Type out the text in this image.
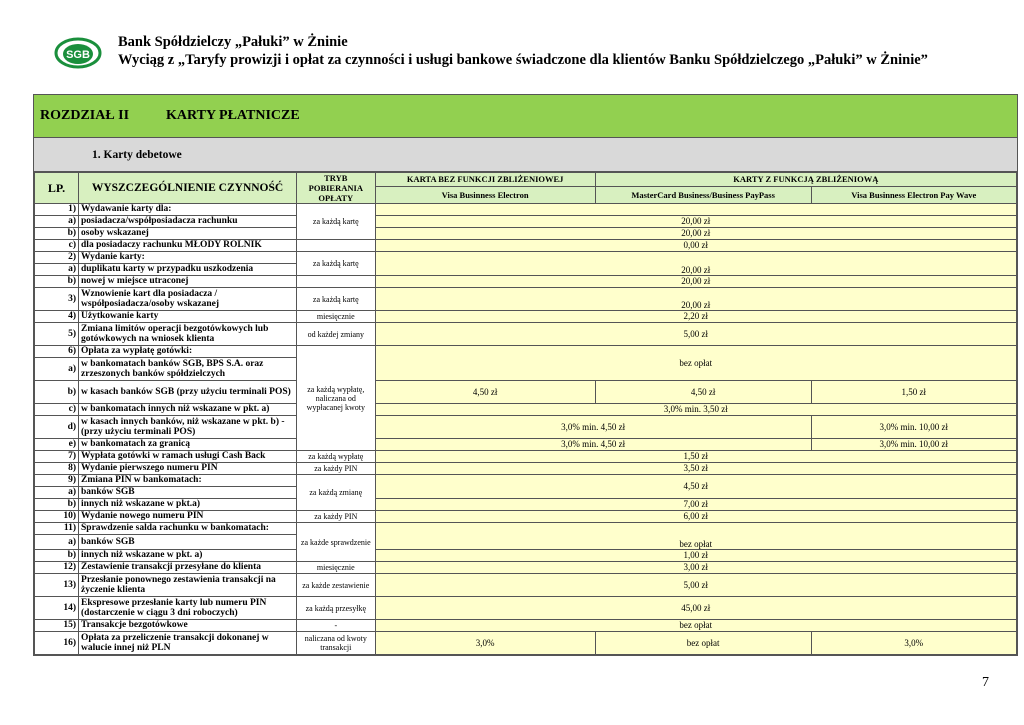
SGB
Bank Spółdzielczy „Pałuki” w Żninie
Wyciąg z „Taryfy prowizji i opłat za czynności i usługi bankowe świadczone dla klientów Banku Spółdzielczego „Pałuki” w Żninie”
ROZDZIAŁ II	KARTY PŁATNICZE
1. Karty debetowe
LP.	WYSZCZEGÓLNIENIE CZYNNOŚĆ	TRYB POBIERANIA OPŁATY	KARTA BEZ FUNKCJI ZBLIŻENIOWEJ	KARTY Z FUNKCJĄ ZBLIŻENIOWĄ	
			Visa Businness Electron	MasterCard Business/Business PayPass	Visa Businness Electron Pay Wave
1)	Wydawanie karty dla:	za każdą kartę			
a)	posiadacza/współposiadacza rachunku		20,00 zł		
b)	osoby wskazanej		20,00 zł		
c)	dla posiadaczy rachunku MŁODY ROLNIK		0,00 zł		
2)	Wydanie karty:	za każdą kartę	20,00 zł		
a)	duplikatu karty w przypadku uszkodzenia				
b)	nowej w miejsce utraconej		20,00 zł		
3)	Wznowienie kart dla posiadacza / współposiadacza/osoby wskazanej	za każdą kartę	20,00 zł		
4)	Użytkowanie karty	miesięcznie	2,20 zł		
5)	Zmiana limitów operacji bezgotówkowych lub gotówkowych na wniosek klienta	od każdej zmiany	5,00 zł		
6)	Opłata za wypłatę gotówki:	za każdą wypłatę, naliczana od wypłacanej kwoty	bez opłat		
a)	w bankomatach banków SGB, BPS S.A. oraz zrzeszonych banków spółdzielczych				
b)	w kasach banków SGB (przy użyciu terminali POS)		4,50 zł	4,50 zł	1,50 zł
c)	w bankomatach innych niż wskazane w pkt. a)		3,0% min. 3,50 zł		
d)	w kasach innych banków, niż wskazane w pkt. b) - (przy użyciu terminali POS)		3,0% min. 4,50 zł		3,0% min. 10,00 zł
e)	w bankomatach za granicą		3,0% min. 4,50 zł		3,0% min. 10,00 zł
7)	Wypłata gotówki w ramach usługi Cash Back	za każdą wypłatę	1,50 zł		
8)	Wydanie pierwszego numeru PIN	za każdy PIN	3,50 zł		
9)	Zmiana PIN w bankomatach:	za każdą zmianę	4,50 zł		
a)	banków SGB				
b)	innych niż wskazane w pkt.a)		7,00 zł		
10)	Wydanie nowego numeru PIN	za każdy PIN	6,00 zł		
11)	Sprawdzenie salda rachunku w bankomatach:	za każde sprawdzenie	bez opłat		
a)	banków SGB				
b)	innych niż wskazane w pkt. a)		1,00 zł		
12)	Zestawienie transakcji przesyłane do klienta	miesięcznie	3,00 zł		
13)	Przesłanie ponownego zestawienia transakcji na życzenie klienta	za każde zestawienie	5,00 zł		
14)	Ekspresowe przesłanie karty lub numeru PIN (dostarczenie w ciągu 3 dni roboczych)	za każdą przesyłkę	45,00 zł		
15)	Transakcje bezgotówkowe	-	bez opłat		
16)	Opłata za przeliczenie transakcji dokonanej w walucie innej niż PLN	naliczana od kwoty transakcji	3,0%	bez opłat	3,0%
7
